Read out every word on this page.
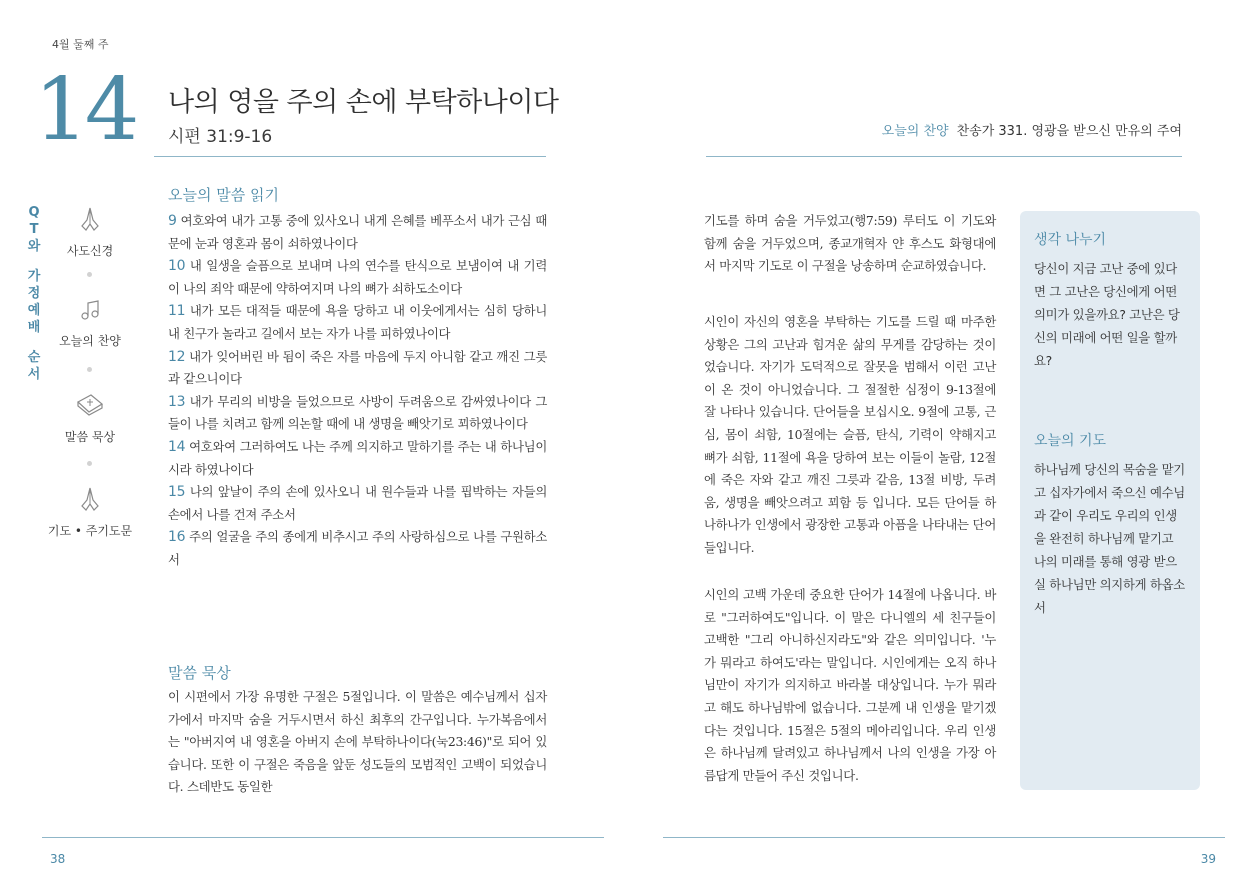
4월 둘째 주
14 나의 영을 주의 손에 부탁하나이다
시편 31:9-16	오늘의 찬양 찬송가 331. 영광을 받으신 만유의 주여
Q
T
와
가
정
예
배
순
서
사도신경
오늘의 찬양
말씀 묵상
기도 • 주기도문
오늘의 말씀 읽기
9 여호와여 내가 고통 중에 있사오니 내게 은혜를 베푸소서 내가 근심 때문에 눈과 영혼과 몸이 쇠하였나이다
10 내 일생을 슬픔으로 보내며 나의 연수를 탄식으로 보냄이여 내 기력이 나의 죄악 때문에 약하여지며 나의 뼈가 쇠하도소이다
11 내가 모든 대적들 때문에 욕을 당하고 내 이웃에게서는 심히 당하니 내 친구가 놀라고 길에서 보는 자가 나를 피하였나이다
12 내가 잊어버린 바 됨이 죽은 자를 마음에 두지 아니함 같고 깨진 그릇과 같으니이다
13 내가 무리의 비방을 들었으므로 사방이 두려움으로 감싸였나이다 그들이 나를 치려고 함께 의논할 때에 내 생명을 빼앗기로 꾀하였나이다
14 여호와여 그러하여도 나는 주께 의지하고 말하기를 주는 내 하나님이시라 하였나이다
15 나의 앞날이 주의 손에 있사오니 내 원수들과 나를 핍박하는 자들의 손에서 나를 건져 주소서
16 주의 얼굴을 주의 종에게 비추시고 주의 사랑하심으로 나를 구원하소서
말씀 묵상
이 시편에서 가장 유명한 구절은 5절입니다. 이 말씀은 예수님께서 십자가에서 마지막 숨을 거두시면서 하신 최후의 간구입니다. 누가복음에서는 "아버지여 내 영혼을 아버지 손에 부탁하나이다(눅23:46)"로 되어 있습니다. 또한 이 구절은 죽음을 앞둔 성도들의 모범적인 고백이 되었습니다. 스데반도 동일한
기도를 하며 숨을 거두었고(행7:59) 루터도 이 기도와 함께 숨을 거두었으며, 종교개혁자 얀 후스도 화형대에서 마지막 기도로 이 구절을 낭송하며 순교하였습니다.
시인이 자신의 영혼을 부탁하는 기도를 드릴 때 마주한 상황은 그의 고난과 힘겨운 삶의 무게를 감당하는 것이었습니다. 자기가 도덕적으로 잘못을 범해서 이런 고난이 온 것이 아니었습니다. 그 절절한 심정이 9-13절에 잘 나타나 있습니다. 단어들을 보십시오. 9절에 고통, 근심, 몸이 쇠함, 10절에는 슬픔, 탄식, 기력이 약해지고 뼈가 쇠함, 11절에 욕을 당하여 보는 이들이 놀람, 12절에 죽은 자와 같고 깨진 그릇과 같음, 13절 비방, 두려움, 생명을 빼앗으려고 꾀함 등 입니다. 모든 단어들 하나하나가 인생에서 광장한 고통과 아픔을 나타내는 단어들입니다.
시인의 고백 가운데 중요한 단어가 14절에 나옵니다. 바로 "그러하여도"입니다. 이 말은 다니엘의 세 친구들이 고백한 "그리 아니하신지라도"와 같은 의미입니다. '누가 뭐라고 하여도'라는 말입니다. 시인에게는 오직 하나님만이 자기가 의지하고 바라볼 대상입니다. 누가 뭐라고 해도 하나님밖에 없습니다. 그분께 내 인생을 맡기겠다는 것입니다. 15절은 5절의 메아리입니다. 우리 인생은 하나님께 달려있고 하나님께서 나의 인생을 가장 아름답게 만들어 주신 것입니다.
생각 나누기

당신이 지금 고난 중에 있다면 그 고난은 당신에게 어떤 의미가 있을까요? 고난은 당신의 미래에 어떤 일을 할까요?

오늘의 기도

하나님께 당신의 목숨을 맡기고 십자가에서 죽으신 예수님과 같이 우리도 우리의 인생을 완전히 하나님께 맡기고 나의 미래를 통해 영광 받으실 하나님만 의지하게 하옵소서

38	39
